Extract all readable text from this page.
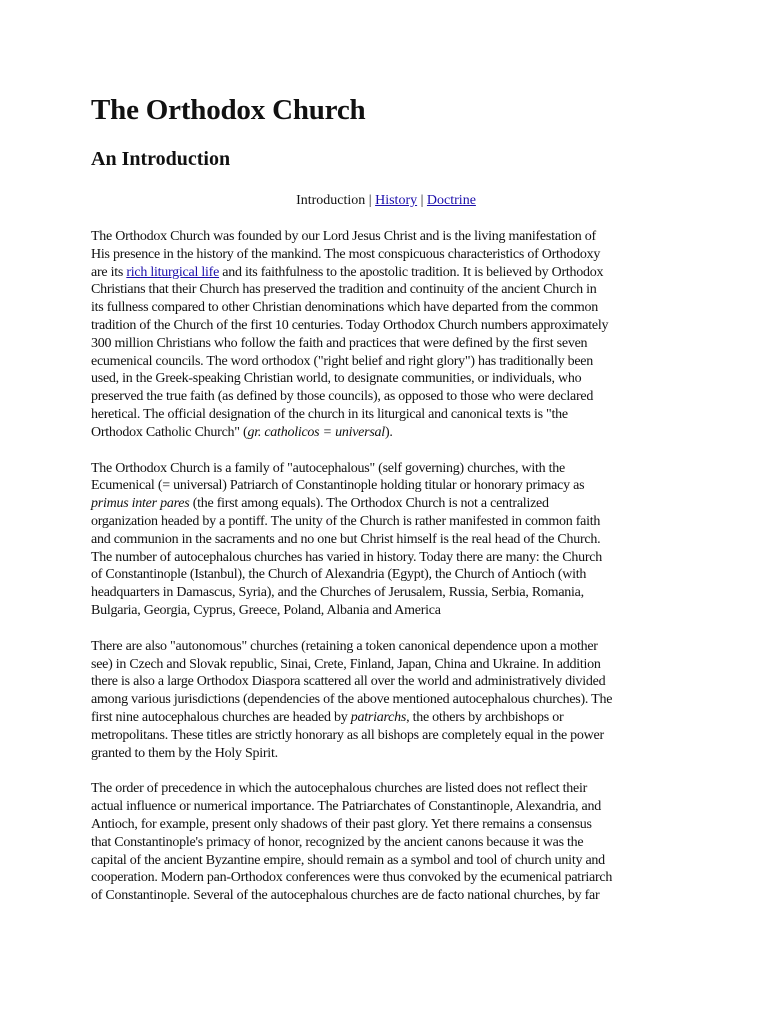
The Orthodox Church
An Introduction
Introduction | History | Doctrine

The Orthodox Church was founded by our Lord Jesus Christ and is the living manifestation of
His presence in the history of the mankind. The most conspicuous characteristics of Orthodoxy
are its rich liturgical life and its faithfulness to the apostolic tradition. It is believed by Orthodox
Christians that their Church has preserved the tradition and continuity of the ancient Church in
its fullness compared to other Christian denominations which have departed from the common
tradition of the Church of the first 10 centuries. Today Orthodox Church numbers approximately
300 million Christians who follow the faith and practices that were defined by the first seven
ecumenical councils. The word orthodox ("right belief and right glory") has traditionally been
used, in the Greek-speaking Christian world, to designate communities, or individuals, who
preserved the true faith (as defined by those councils), as opposed to those who were declared
heretical. The official designation of the church in its liturgical and canonical texts is "the
Orthodox Catholic Church" (gr. catholicos = universal).

The Orthodox Church is a family of "autocephalous" (self governing) churches, with the
Ecumenical (= universal) Patriarch of Constantinople holding titular or honorary primacy as
primus inter pares (the first among equals). The Orthodox Church is not a centralized
organization headed by a pontiff. The unity of the Church is rather manifested in common faith
and communion in the sacraments and no one but Christ himself is the real head of the Church.
The number of autocephalous churches has varied in history. Today there are many: the Church
of Constantinople (Istanbul), the Church of Alexandria (Egypt), the Church of Antioch (with
headquarters in Damascus, Syria), and the Churches of Jerusalem, Russia, Serbia, Romania,
Bulgaria, Georgia, Cyprus, Greece, Poland, Albania and America

There are also "autonomous" churches (retaining a token canonical dependence upon a mother
see) in Czech and Slovak republic, Sinai, Crete, Finland, Japan, China and Ukraine. In addition
there is also a large Orthodox Diaspora scattered all over the world and administratively divided
among various jurisdictions (dependencies of the above mentioned autocephalous churches). The
first nine autocephalous churches are headed by patriarchs, the others by archbishops or
metropolitans. These titles are strictly honorary as all bishops are completely equal in the power
granted to them by the Holy Spirit.

The order of precedence in which the autocephalous churches are listed does not reflect their
actual influence or numerical importance. The Patriarchates of Constantinople, Alexandria, and
Antioch, for example, present only shadows of their past glory. Yet there remains a consensus
that Constantinople's primacy of honor, recognized by the ancient canons because it was the
capital of the ancient Byzantine empire, should remain as a symbol and tool of church unity and
cooperation. Modern pan-Orthodox conferences were thus convoked by the ecumenical patriarch
of Constantinople. Several of the autocephalous churches are de facto national churches, by far
